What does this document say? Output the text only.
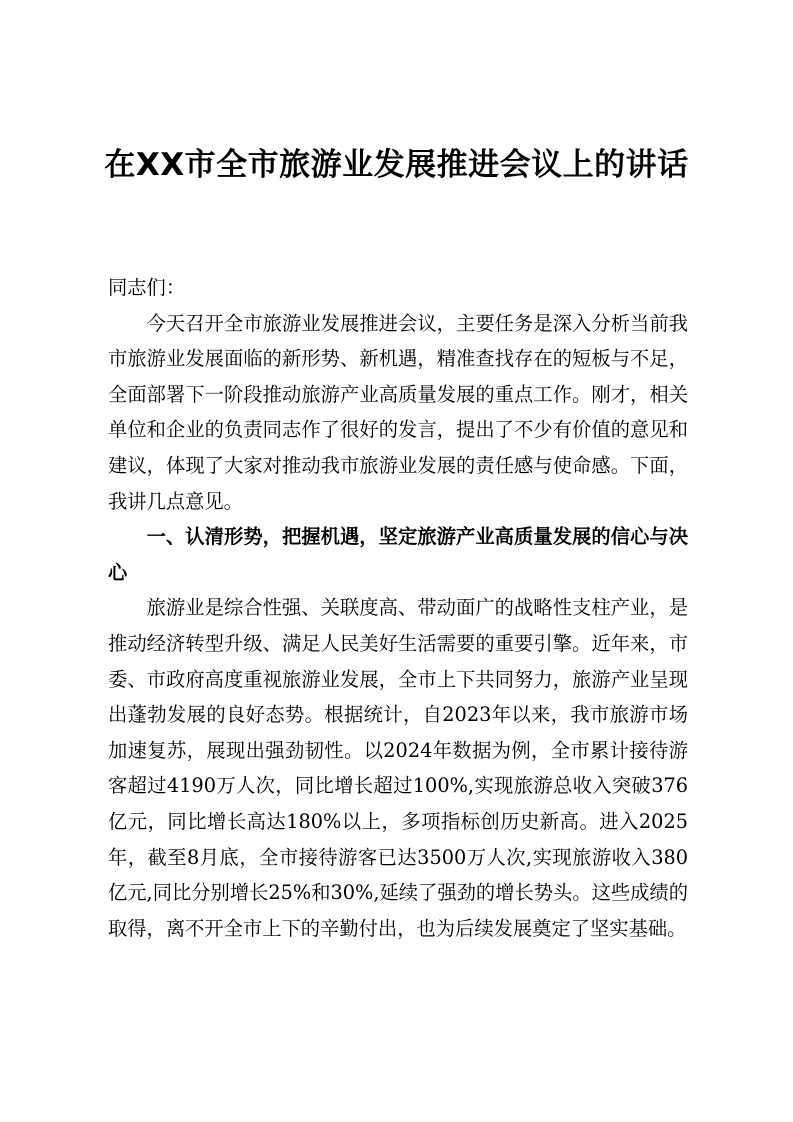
在XX市全市旅游业发展推进会议上的讲话

同志们：

今天召开全市旅游业发展推进会议，主要任务是深入分析当前我市旅游业发展面临的新形势、新机遇，精准查找存在的短板与不足，全面部署下一阶段推动旅游产业高质量发展的重点工作。刚才，相关单位和企业的负责同志作了很好的发言，提出了不少有价值的意见和建议，体现了大家对推动我市旅游业发展的责任感与使命感。下面，我讲几点意见。

一、认清形势，把握机遇，坚定旅游产业高质量发展的信心与决心

旅游业是综合性强、关联度高、带动面广的战略性支柱产业，是推动经济转型升级、满足人民美好生活需要的重要引擎。近年来，市委、市政府高度重视旅游业发展，全市上下共同努力，旅游产业呈现出蓬勃发展的良好态势。根据统计，自2023年以来，我市旅游市场加速复苏，展现出强劲韧性。以2024年数据为例，全市累计接待游客超过4190万人次，同比增长超过100%,实现旅游总收入突破376亿元，同比增长高达180%以上，多项指标创历史新高。进入2025年，截至8月底，全市接待游客已达3500万人次,实现旅游收入380亿元,同比分别增长25%和30%,延续了强劲的增长势头。这些成绩的取得，离不开全市上下的辛勤付出，也为后续发展奠定了坚实基础。
